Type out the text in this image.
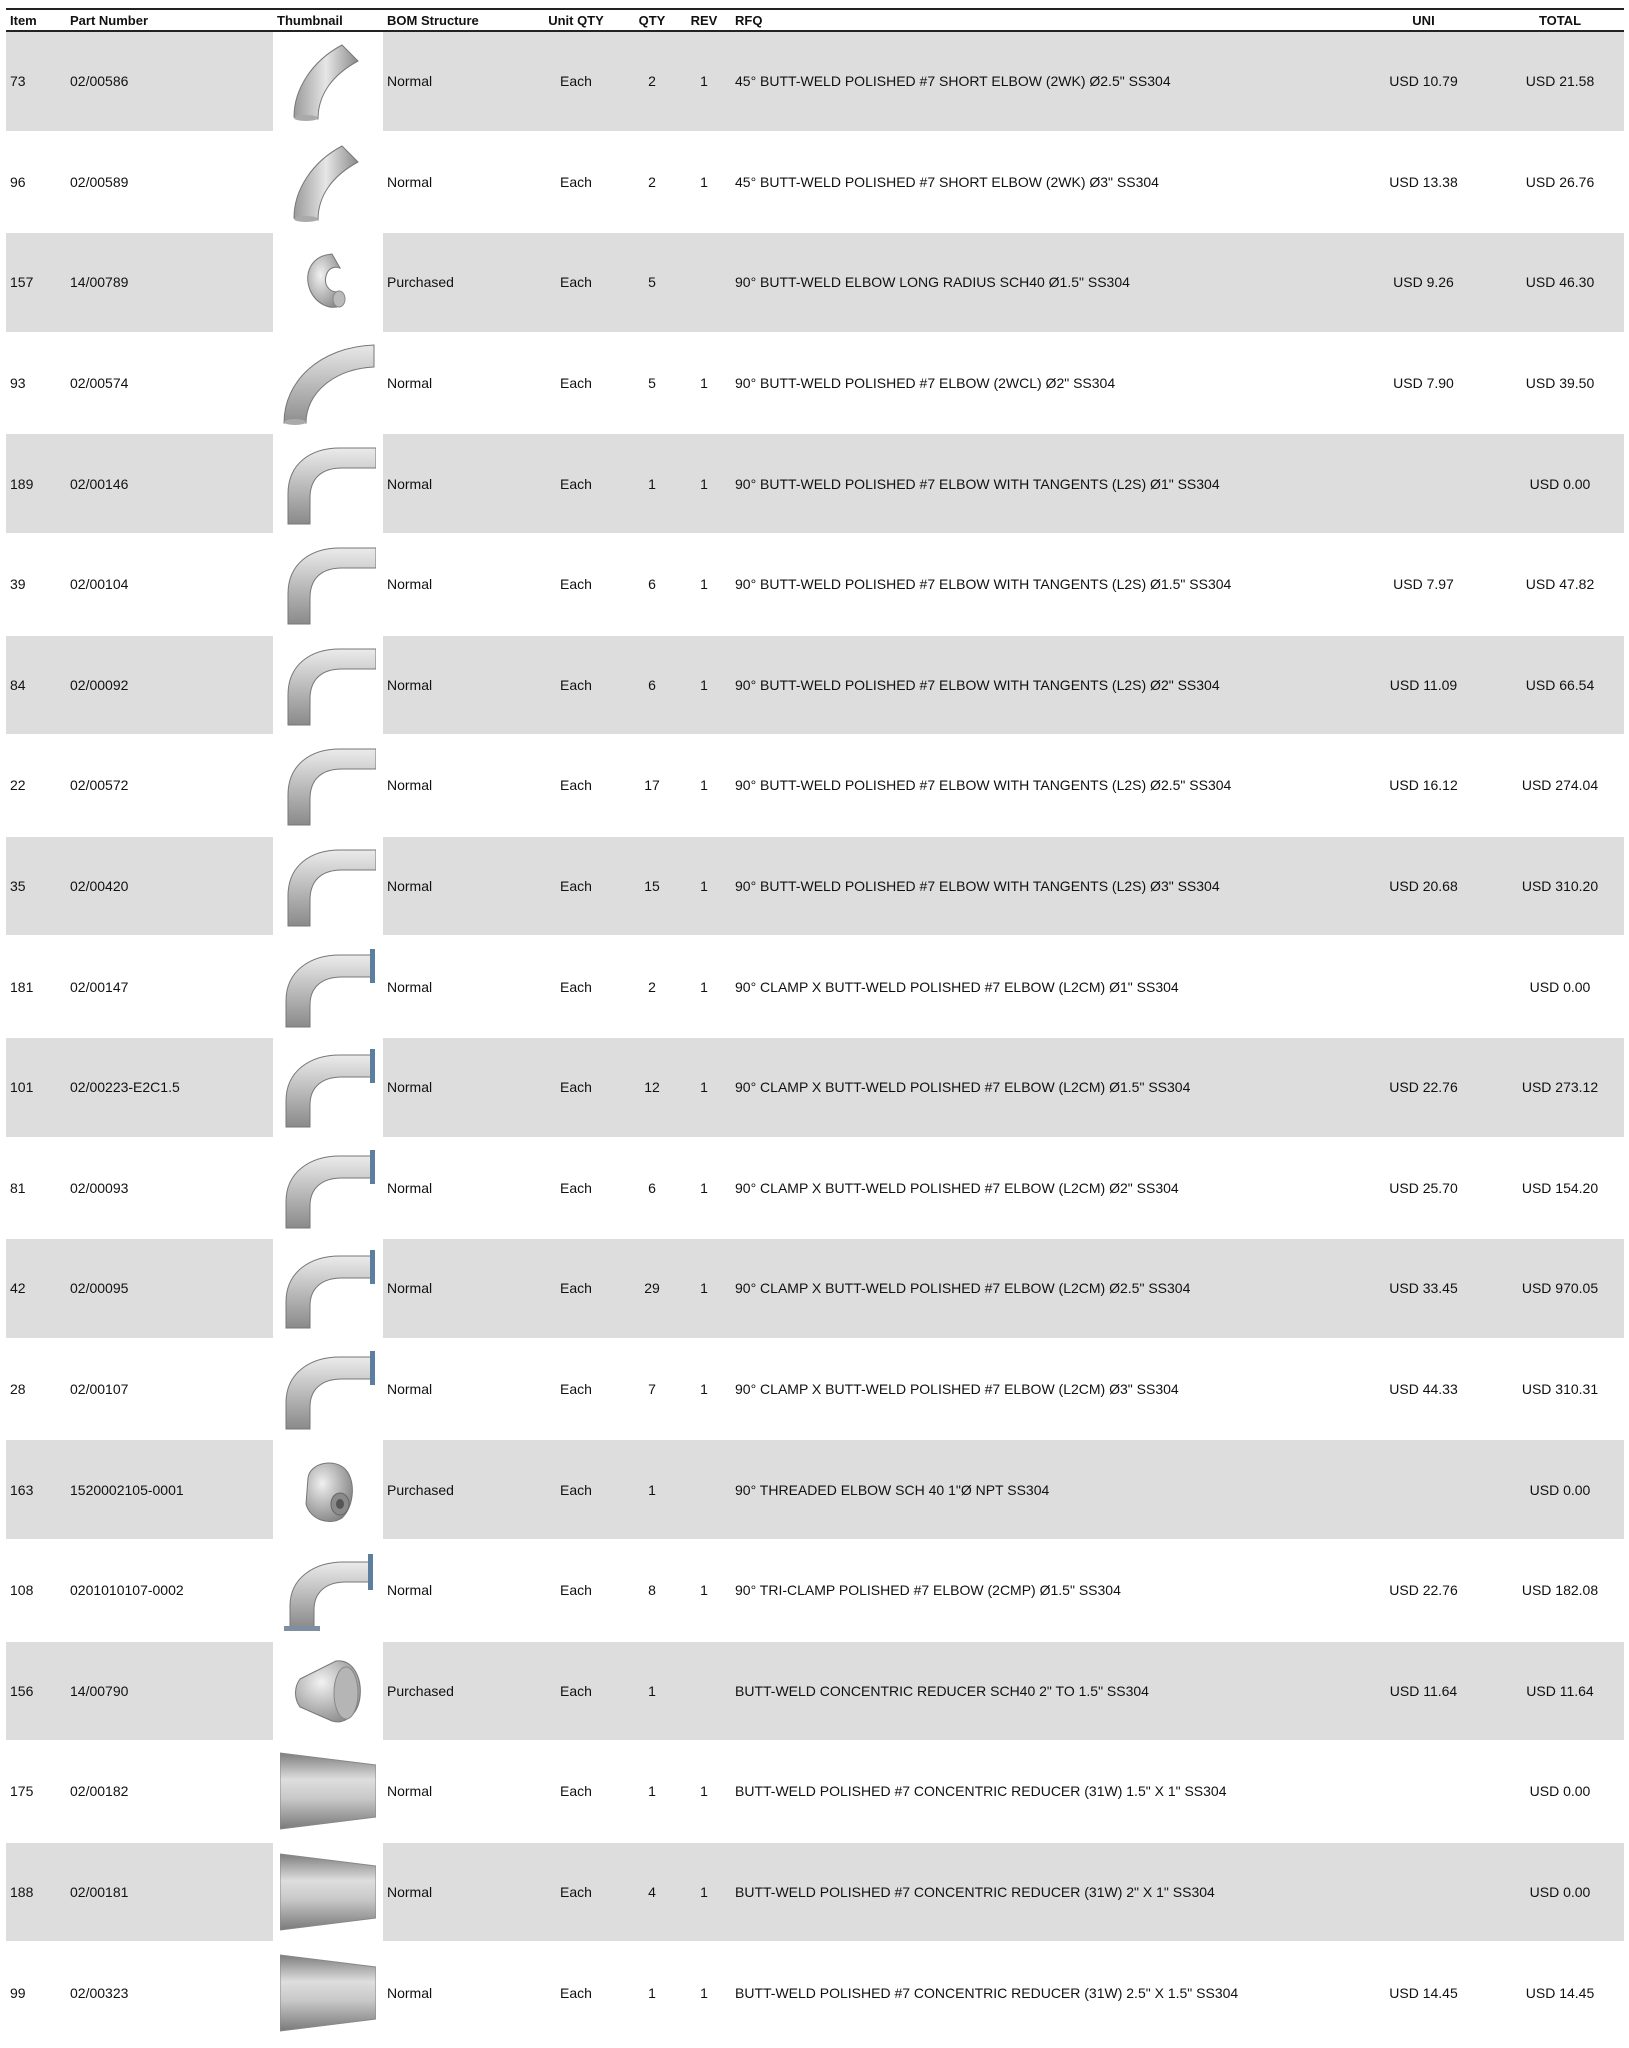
Item	Part Number	Thumbnail	BOM Structure	Unit QTY	QTY	REV	RFQ	UNI	TOTAL
73	02/00586		Normal	Each	2	1	45° BUTT-WELD POLISHED #7 SHORT ELBOW (2WK) Ø2.5" SS304	USD 10.79	USD 21.58
96	02/00589		Normal	Each	2	1	45° BUTT-WELD POLISHED #7 SHORT ELBOW (2WK) Ø3" SS304	USD 13.38	USD 26.76
157	14/00789		Purchased	Each	5		90° BUTT-WELD ELBOW LONG RADIUS SCH40 Ø1.5" SS304	USD 9.26	USD 46.30
93	02/00574		Normal	Each	5	1	90° BUTT-WELD POLISHED #7 ELBOW (2WCL) Ø2" SS304	USD 7.90	USD 39.50
189	02/00146		Normal	Each	1	1	90° BUTT-WELD POLISHED #7 ELBOW WITH TANGENTS (L2S) Ø1" SS304		USD 0.00
39	02/00104		Normal	Each	6	1	90° BUTT-WELD POLISHED #7 ELBOW WITH TANGENTS (L2S) Ø1.5" SS304	USD 7.97	USD 47.82
84	02/00092		Normal	Each	6	1	90° BUTT-WELD POLISHED #7 ELBOW WITH TANGENTS (L2S) Ø2" SS304	USD 11.09	USD 66.54
22	02/00572		Normal	Each	17	1	90° BUTT-WELD POLISHED #7 ELBOW WITH TANGENTS (L2S) Ø2.5" SS304	USD 16.12	USD 274.04
35	02/00420		Normal	Each	15	1	90° BUTT-WELD POLISHED #7 ELBOW WITH TANGENTS (L2S) Ø3" SS304	USD 20.68	USD 310.20
181	02/00147		Normal	Each	2	1	90° CLAMP X BUTT-WELD POLISHED #7 ELBOW (L2CM) Ø1" SS304		USD 0.00
101	02/00223-E2C1.5		Normal	Each	12	1	90° CLAMP X BUTT-WELD POLISHED #7 ELBOW (L2CM) Ø1.5" SS304	USD 22.76	USD 273.12
81	02/00093		Normal	Each	6	1	90° CLAMP X BUTT-WELD POLISHED #7 ELBOW (L2CM) Ø2" SS304	USD 25.70	USD 154.20
42	02/00095		Normal	Each	29	1	90° CLAMP X BUTT-WELD POLISHED #7 ELBOW (L2CM) Ø2.5" SS304	USD 33.45	USD 970.05
28	02/00107		Normal	Each	7	1	90° CLAMP X BUTT-WELD POLISHED #7 ELBOW (L2CM) Ø3" SS304	USD 44.33	USD 310.31
163	1520002105-0001		Purchased	Each	1		90° THREADED ELBOW SCH 40 1"Ø NPT SS304		USD 0.00
108	0201010107-0002		Normal	Each	8	1	90° TRI-CLAMP POLISHED #7 ELBOW (2CMP) Ø1.5" SS304	USD 22.76	USD 182.08
156	14/00790		Purchased	Each	1		BUTT-WELD CONCENTRIC REDUCER SCH40 2" TO 1.5" SS304	USD 11.64	USD 11.64
175	02/00182		Normal	Each	1	1	BUTT-WELD POLISHED #7 CONCENTRIC REDUCER (31W) 1.5" X 1" SS304		USD 0.00
188	02/00181		Normal	Each	4	1	BUTT-WELD POLISHED #7 CONCENTRIC REDUCER (31W) 2" X 1" SS304		USD 0.00
99	02/00323		Normal	Each	1	1	BUTT-WELD POLISHED #7 CONCENTRIC REDUCER (31W) 2.5" X 1.5" SS304	USD 14.45	USD 14.45
